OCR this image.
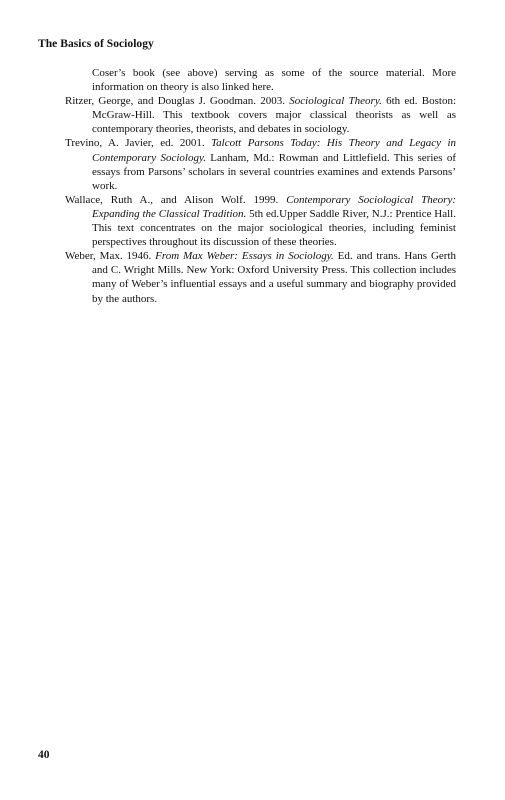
The Basics of Sociology

Coser’s book (see above) serving as some of the source material. More information on theory is also linked here.

Ritzer, George, and Douglas J. Goodman. 2003. Sociological Theory. 6th ed. Boston: McGraw-Hill. This textbook covers major classical theorists as well as contemporary theories, theorists, and debates in sociology.

Trevino, A. Javier, ed. 2001. Talcott Parsons Today: His Theory and Legacy in Contemporary Sociology. Lanham, Md.: Rowman and Littlefield. This series of essays from Parsons’ scholars in several countries examines and extends Parsons’ work.

Wallace, Ruth A., and Alison Wolf. 1999. Contemporary Sociological Theory: Expanding the Classical Tradition. 5th ed.Upper Saddle River, N.J.: Prentice Hall. This text concentrates on the major sociological theories, including feminist perspectives throughout its discussion of these theories.

Weber, Max. 1946. From Max Weber: Essays in Sociology. Ed. and trans. Hans Gerth and C. Wright Mills. New York: Oxford University Press. This collection includes many of Weber’s influential essays and a useful summary and biography provided by the authors.

40
